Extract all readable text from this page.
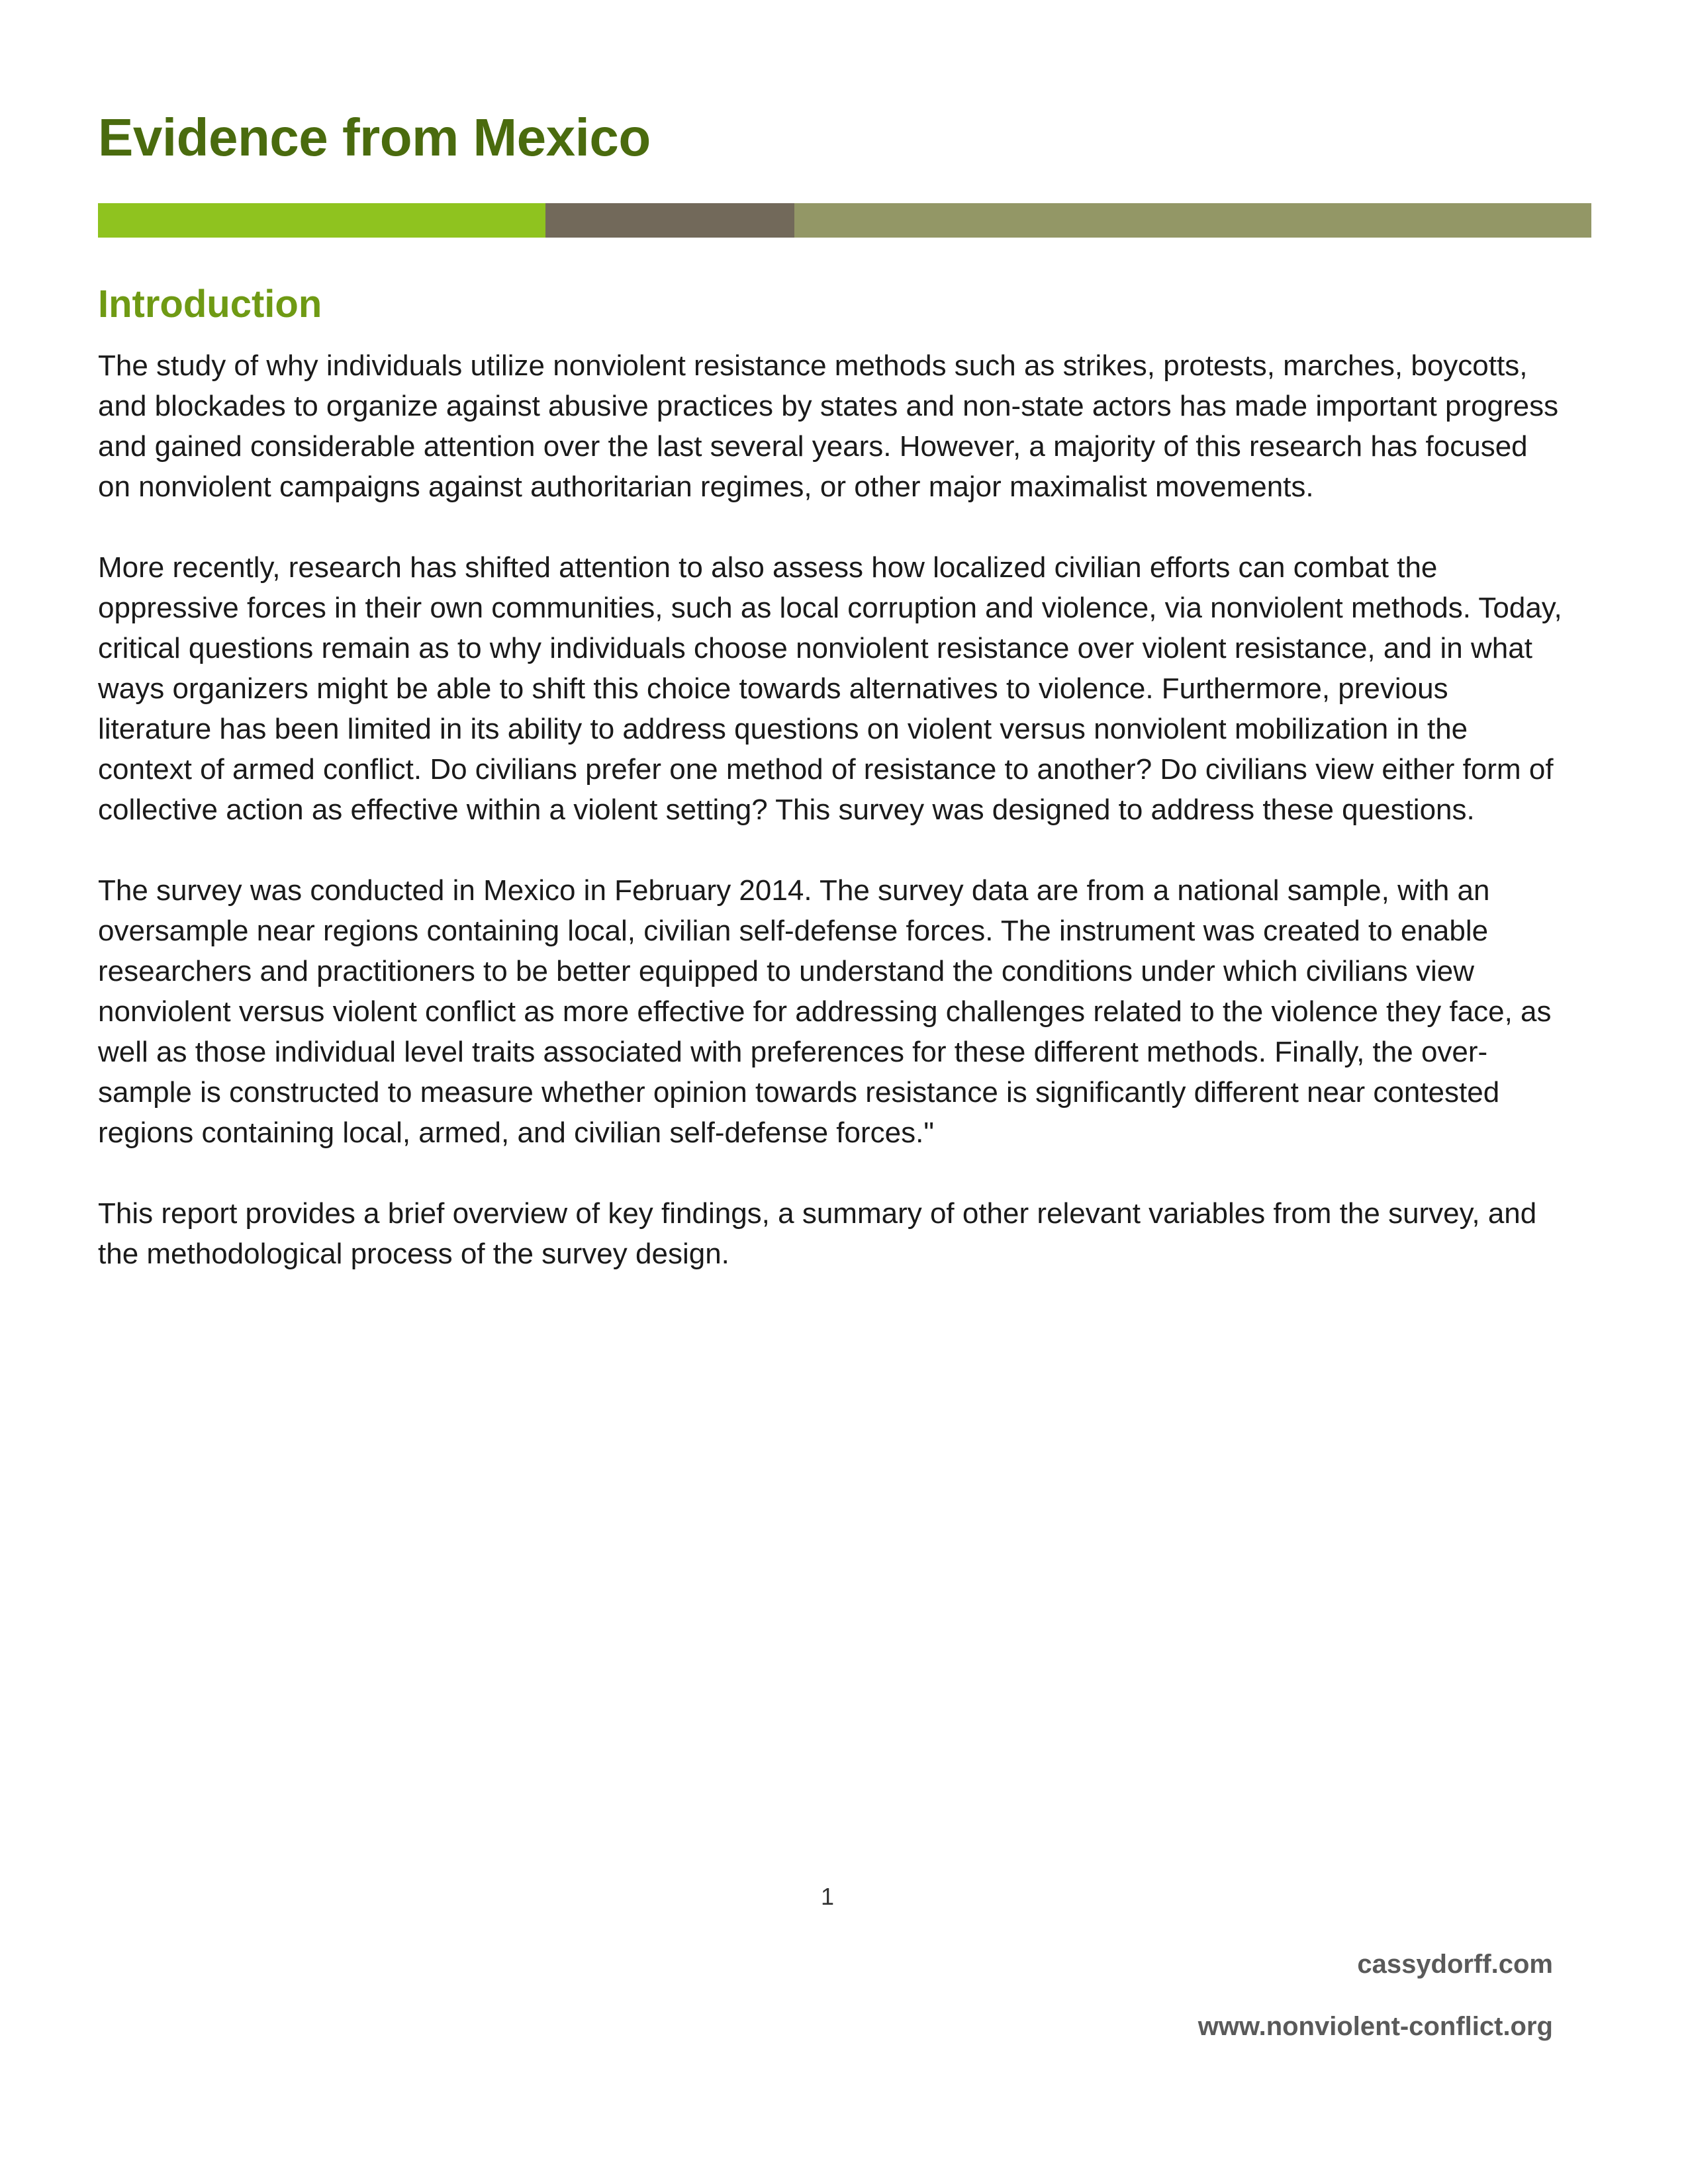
Evidence from Mexico
Introduction

The study of why individuals utilize nonviolent resistance methods such as strikes, protests, marches, boycotts, and blockades to organize against abusive practices by states and non-state actors has made important progress and gained considerable attention over the last several years. However, a majority of this research has focused on nonviolent campaigns against authoritarian regimes, or other major maximalist movements.

More recently, research has shifted attention to also assess how localized civilian efforts can combat the oppressive forces in their own communities, such as local corruption and violence, via nonviolent methods. Today, critical questions remain as to why individuals choose nonviolent resistance over violent resistance, and in what ways organizers might be able to shift this choice towards alternatives to violence. Furthermore, previous literature has been limited in its ability to address questions on violent versus nonviolent mobilization in the context of armed conflict. Do civilians prefer one method of resistance to another? Do civilians view either form of collective action as effective within a violent setting? This survey was designed to address these questions.

The survey was conducted in Mexico in February 2014. The survey data are from a national sample, with an oversample near regions containing local, civilian self-defense forces. The instrument was created to enable researchers and practitioners to be better equipped to understand the conditions under which civilians view nonviolent versus violent conflict as more effective for addressing challenges related to the violence they face, as well as those individual level traits associated with preferences for these different methods. Finally, the over-sample is constructed to measure whether opinion towards resistance is significantly different near contested regions containing local, armed, and civilian self-defense forces."

This report provides a brief overview of key findings, a summary of other relevant variables from the survey, and the methodological process of the survey design.

1
cassydorff.com
www.nonviolent-conflict.org
